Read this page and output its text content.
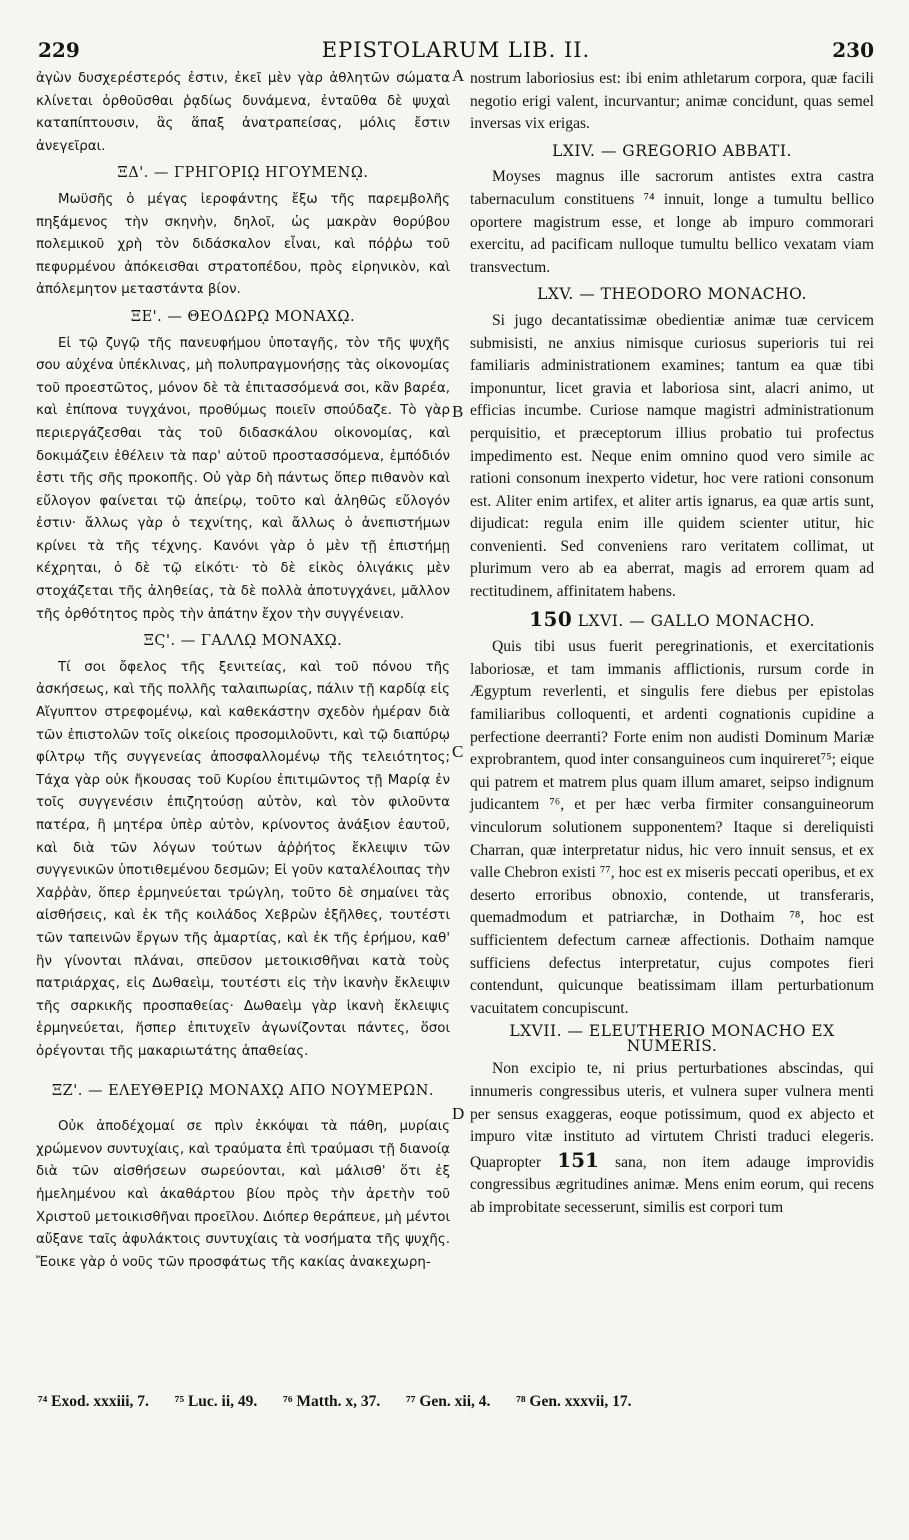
229	EPISTOLARUM LIB. II.	230

ἀγὼν δυσχερέστερός ἐστιν, ἐκεῖ μὲν γὰρ ἀθλητῶν σώματα κλίνεται ὀρθοῦσθαι ῥᾳδίως δυνάμενα, ἐνταῦθα δὲ ψυχαὶ καταπίπτουσιν, ἃς ἅπαξ ἀνατραπείσας, μόλις ἔστιν ἀνεγεῖραι.

ΞΔ'. — ΓΡΗΓΟΡΙῼ ΗΓΟΥΜΕΝῼ.

Μωϋσῆς ὁ μέγας ἱεροφάντης ἔξω τῆς παρεμβολῆς πηξάμενος τὴν σκηνὴν, δηλοῖ, ὡς μακρὰν θορύβου πολεμικοῦ χρὴ τὸν διδάσκαλον εἶναι, καὶ πόῤῥω τοῦ πεφυρμένου ἀπόκεισθαι στρατοπέδου, πρὸς εἰρηνικὸν, καὶ ἀπόλεμητον μεταστάντα βίον.

ΞΕ'. — ΘΕΟΔΩΡῼ ΜΟΝΑΧῼ.

Εἰ τῷ ζυγῷ τῆς πανευφήμου ὑποταγῆς, τὸν τῆς ψυχῆς σου αὐχένα ὑπέκλινας, μὴ πολυπραγμονήσῃς τὰς οἰκονομίας τοῦ προεστῶτος, μόνον δὲ τὰ ἐπιτασσόμενά σοι, κἂν βαρέα, καὶ ἐπίπονα τυγχάνοι, προθύμως ποιεῖν σπούδαζε. Τὸ γὰρ περιεργάζεσθαι τὰς τοῦ διδασκάλου οἰκονομίας, καὶ δοκιμάζειν ἐθέλειν τὰ παρ' αὐτοῦ προστασσόμενα, ἐμπόδιόν ἐστι τῆς σῆς προκοπῆς. Οὐ γὰρ δὴ πάντως ὅπερ πιθανὸν καὶ εὔλογον φαίνεται τῷ ἀπείρῳ, τοῦτο καὶ ἀληθῶς εὔλογόν ἐστιν· ἄλλως γὰρ ὁ τεχνίτης, καὶ ἄλλως ὁ ἀνεπιστήμων κρίνει τὰ τῆς τέχνης. Κανόνι γὰρ ὁ μὲν τῇ ἐπιστήμῃ κέχρηται, ὁ δὲ τῷ εἰκότι· τὸ δὲ εἰκὸς ὀλιγάκις μὲν στοχάζεται τῆς ἀληθείας, τὰ δὲ πολλὰ ἀποτυγχάνει, μᾶλλον τῆς ὀρθότητος πρὸς τὴν ἀπάτην ἔχον τὴν συγγένειαν.

ΞϚ'. — ΓΑΛΛῼ ΜΟΝΑΧῼ.

Τί σοι ὄφελος τῆς ξενιτείας, καὶ τοῦ πόνου τῆς ἀσκήσεως, καὶ τῆς πολλῆς ταλαιπωρίας, πάλιν τῇ καρδίᾳ εἰς Αἴγυπτον στρεφομένῳ, καὶ καθεκάστην σχεδὸν ἡμέραν διὰ τῶν ἐπιστολῶν τοῖς οἰκείοις προσομιλοῦντι, καὶ τῷ διαπύρῳ φίλτρῳ τῆς συγγενείας ἀποσφαλλομένῳ τῆς τελειότητος; Τάχα γὰρ οὐκ ἤκουσας τοῦ Κυρίου ἐπιτιμῶντος τῇ Μαρίᾳ ἐν τοῖς συγγενέσιν ἐπιζητούσῃ αὐτὸν, καὶ τὸν φιλοῦντα πατέρα, ἢ μητέρα ὑπὲρ αὐτὸν, κρίνοντος ἀνάξιον ἑαυτοῦ, καὶ διὰ τῶν λόγων τούτων ἀῤῥήτος ἔκλειψιν τῶν συγγενικῶν ὑποτιθεμένου δεσμῶν; Εἰ γοῦν καταλέλοιπας τὴν Χαῤῥὰν, ὅπερ ἑρμηνεύεται τρώγλη, τοῦτο δὲ σημαίνει τὰς αἰσθήσεις, καὶ ἐκ τῆς κοιλάδος Χεβρὼν ἐξῆλθες, τουτέστι τῶν ταπεινῶν ἔργων τῆς ἁμαρτίας, καὶ ἐκ τῆς ἐρήμου, καθ' ἣν γίνονται πλάναι, σπεῦσον μετοικισθῆναι κατὰ τοὺς πατριάρχας, εἰς Δωθαεὶμ, τουτέστι εἰς τὴν ἱκανὴν ἔκλειψιν τῆς σαρκικῆς προσπαθείας· Δωθαεὶμ γὰρ ἱκανὴ ἔκλειψις ἑρμηνεύεται, ἥσπερ ἐπιτυχεῖν ἀγωνίζονται πάντες, ὅσοι ὀρέγονται τῆς μακαριωτάτης ἀπαθείας.

ΞΖ'. — ΕΛΕΥΘΕΡΙῼ ΜΟΝΑΧῼ ΑΠΟ ΝΟΥΜΕΡΩΝ.

Οὐκ ἀποδέχομαί σε πρὶν ἐκκόψαι τὰ πάθη, μυρίαις χρώμενον συντυχίαις, καὶ τραύματα ἐπὶ τραύμασι τῇ διανοίᾳ διὰ τῶν αἰσθήσεων σωρεύονται, καὶ μάλισθ' ὅτι ἐξ ἠμελημένου καὶ ἀκαθάρτου βίου πρὸς τὴν ἀρετὴν τοῦ Χριστοῦ μετοικισθῆναι προεῖλου. Διόπερ θεράπευε, μὴ μέντοι αὔξανε ταῖς ἀφυλάκτοις συντυχίαις τὰ νοσήματα τῆς ψυχῆς. Ἔοικε γὰρ ὁ νοῦς τῶν προσφάτως τῆς κακίας ἀνακεχωρη-

nostrum laboriosius est: ibi enim athletarum corpora, quæ facili negotio erigi valent, incurvantur; animæ concidunt, quas semel inversas vix erigas.

LXIV. — GREGORIO ABBATI.

Moyses magnus ille sacrorum antistes extra castra tabernaculum constituens ⁷⁴ innuit, longe a tumultu bellico oportere magistrum esse, et longe ab impuro commorari exercitu, ad pacificam nulloque tumultu bellico vexatam viam transvectum.

LXV. — THEODORO MONACHO.

Si jugo decantatissimæ obedientiæ animæ tuæ cervicem submisisti, ne anxius nimisque curiosus superioris tui rei familiaris administrationem examines; tantum ea quæ tibi imponuntur, licet gravia et laboriosa sint, alacri animo, ut efficias incumbe. Curiose namque magistri administrationum perquisitio, et præceptorum illius probatio tui profectus impedimento est. Neque enim omnino quod vero simile ac rationi consonum inexperto videtur, hoc vere rationi consonum est. Aliter enim artifex, et aliter artis ignarus, ea quæ artis sunt, dijudicat: regula enim ille quidem scienter utitur, hic convenienti. Sed conveniens raro veritatem collimat, ut plurimum vero ab ea aberrat, magis ad errorem quam ad rectitudinem, affinitatem habens.

150 LXVI. — GALLO MONACHO.

Quis tibi usus fuerit peregrinationis, et exercitationis laboriosæ, et tam immanis afflictionis, rursum corde in Ægyptum reverlenti, et singulis fere diebus per epistolas familiaribus colloquenti, et ardenti cognationis cupidine a perfectione deerranti? Forte enim non audisti Dominum Mariæ exprobrantem, quod inter consanguineos cum inquireret⁷⁵; eique qui patrem et matrem plus quam illum amaret, seipso indignum judicantem ⁷⁶, et per hæc verba firmiter consanguineorum vinculorum solutionem supponentem? Itaque si dereliquisti Charran, quæ interpretatur nidus, hic vero innuit sensus, et ex valle Chebron existi ⁷⁷, hoc est ex miseris peccati operibus, et ex deserto erroribus obnoxio, contende, ut transferaris, quemadmodum et patriarchæ, in Dothaim ⁷⁸, hoc est sufficientem defectum carneæ affectionis. Dothaim namque sufficiens defectus interpretatur, cujus compotes fieri contendunt, quicunque beatissimam illam perturbationum vacuitatem concupiscunt.

LXVII. — ELEUTHERIO MONACHO EX NUMERIS.

Non excipio te, ni prius perturbationes abscindas, qui innumeris congressibus uteris, et vulnera super vulnera menti per sensus exaggeras, eoque potissimum, quod ex abjecto et impuro vitæ instituto ad virtutem Christi traduci elegeris. Quapropter 151 sana, non item adauge improvidis congressibus ægritudines animæ. Mens enim eorum, qui recens ab improbitate secesserunt, similis est corpori tum

A
B
C
D
⁷⁴ Exod. xxxiii, 7. ⁷⁵ Luc. ii, 49. ⁷⁶ Matth. x, 37. ⁷⁷ Gen. xii, 4. ⁷⁸ Gen. xxxvii, 17.
